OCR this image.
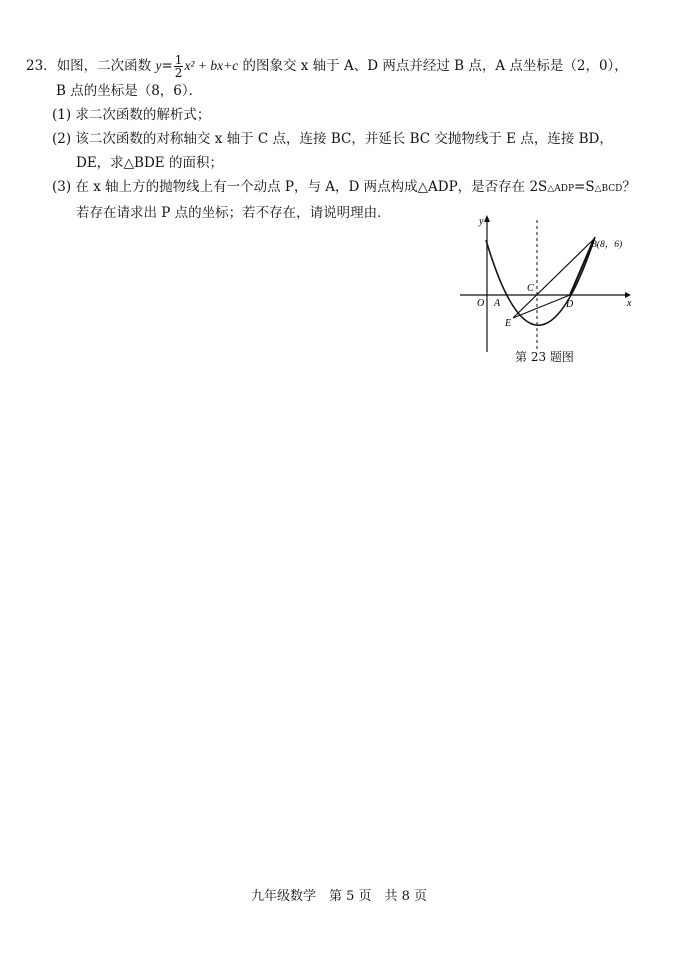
23．如图，二次函数 $y= \frac{1}{2} x^2 + bx+c$ 的图象交 x 轴于 A、D 两点并经过 B 点，A 点坐标是（2，0），
B 点的坐标是（8，6）．
(1) 求二次函数的解析式；
(2) 该二次函数的对称轴交 x 轴于 C 点，连接 BC，并延长 BC 交抛物线于 E 点，连接 BD，
DE，求△BDE 的面积；
(3) 在 x 轴上方的抛物线上有一个动点 P，与 A，D 两点构成△ADP，是否存在 2S△ADP=S△BCD？
若存在请求出 P 点的坐标；若不存在，请说明理由．
y
x
O A
B(8，6)
C
D
E
第 23 题图
九年级数学　第 5 页　共 8 页
